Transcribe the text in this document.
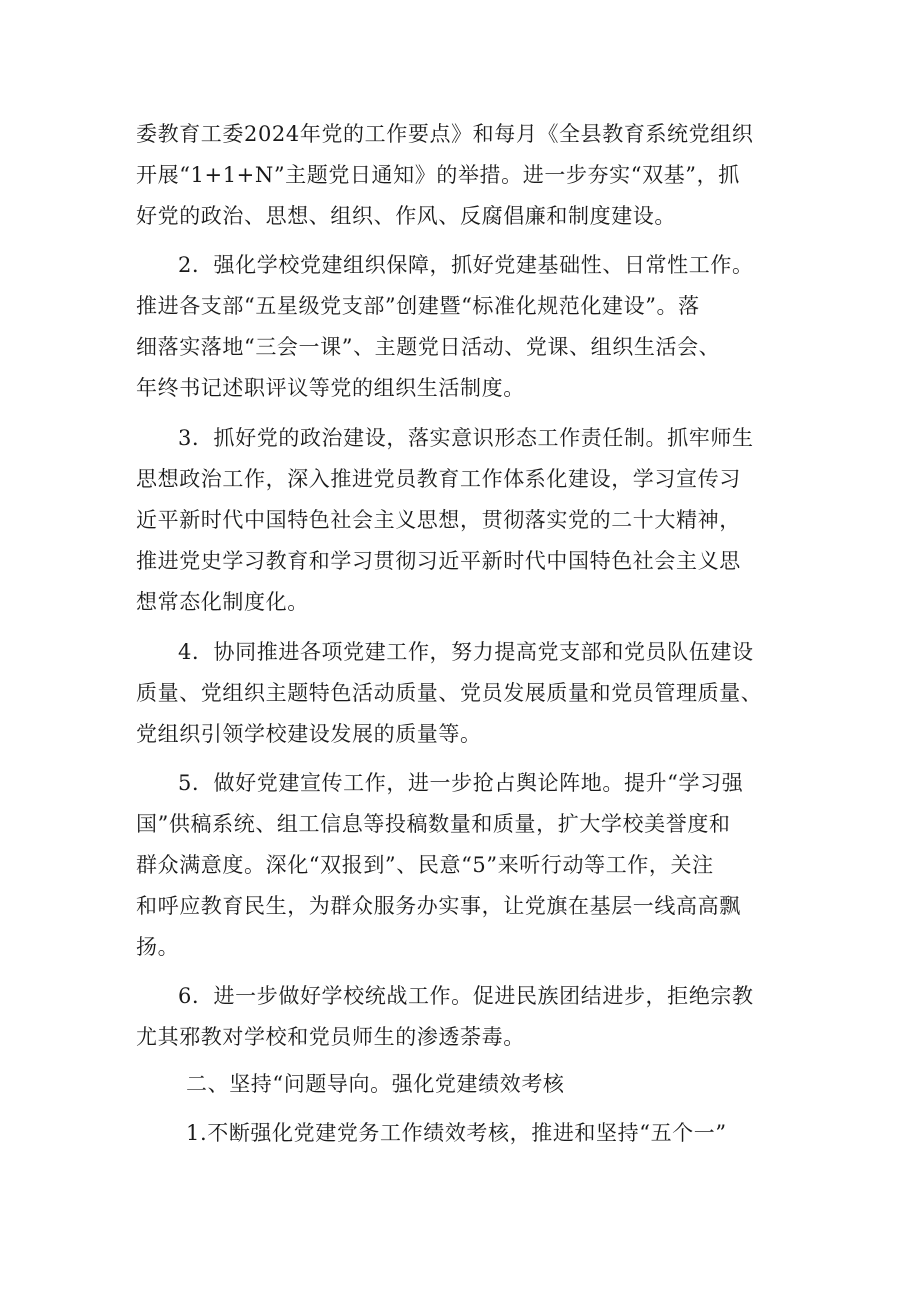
委教育工委2024年党的工作要点》和每月《全县教育系统党组织
开展“1+1+N”主题党日通知》的举措。进一步夯实“双基”，抓
好党的政治、思想、组织、作风、反腐倡廉和制度建设。
2．强化学校党建组织保障，抓好党建基础性、日常性工作。
推进各支部“五星级党支部”创建暨“标准化规范化建设”。落
细落实落地“三会一课”、主题党日活动、党课、组织生活会、
年终书记述职评议等党的组织生活制度。
3．抓好党的政治建设，落实意识形态工作责任制。抓牢师生
思想政治工作，深入推进党员教育工作体系化建设，学习宣传习
近平新时代中国特色社会主义思想，贯彻落实党的二十大精神，
推进党史学习教育和学习贯彻习近平新时代中国特色社会主义思
想常态化制度化。
4．协同推进各项党建工作，努力提高党支部和党员队伍建设
质量、党组织主题特色活动质量、党员发展质量和党员管理质量、
党组织引领学校建设发展的质量等。
5．做好党建宣传工作，进一步抢占舆论阵地。提升“学习强
国”供稿系统、组工信息等投稿数量和质量，扩大学校美誉度和
群众满意度。深化“双报到”、民意“5”来听行动等工作，关注
和呼应教育民生，为群众服务办实事，让党旗在基层一线高高飘
扬。
6．进一步做好学校统战工作。促进民族团结进步，拒绝宗教
尤其邪教对学校和党员师生的渗透荼毒。
二、坚持“问题导向。强化党建绩效考核
1.不断强化党建党务工作绩效考核，推进和坚持“五个一”
